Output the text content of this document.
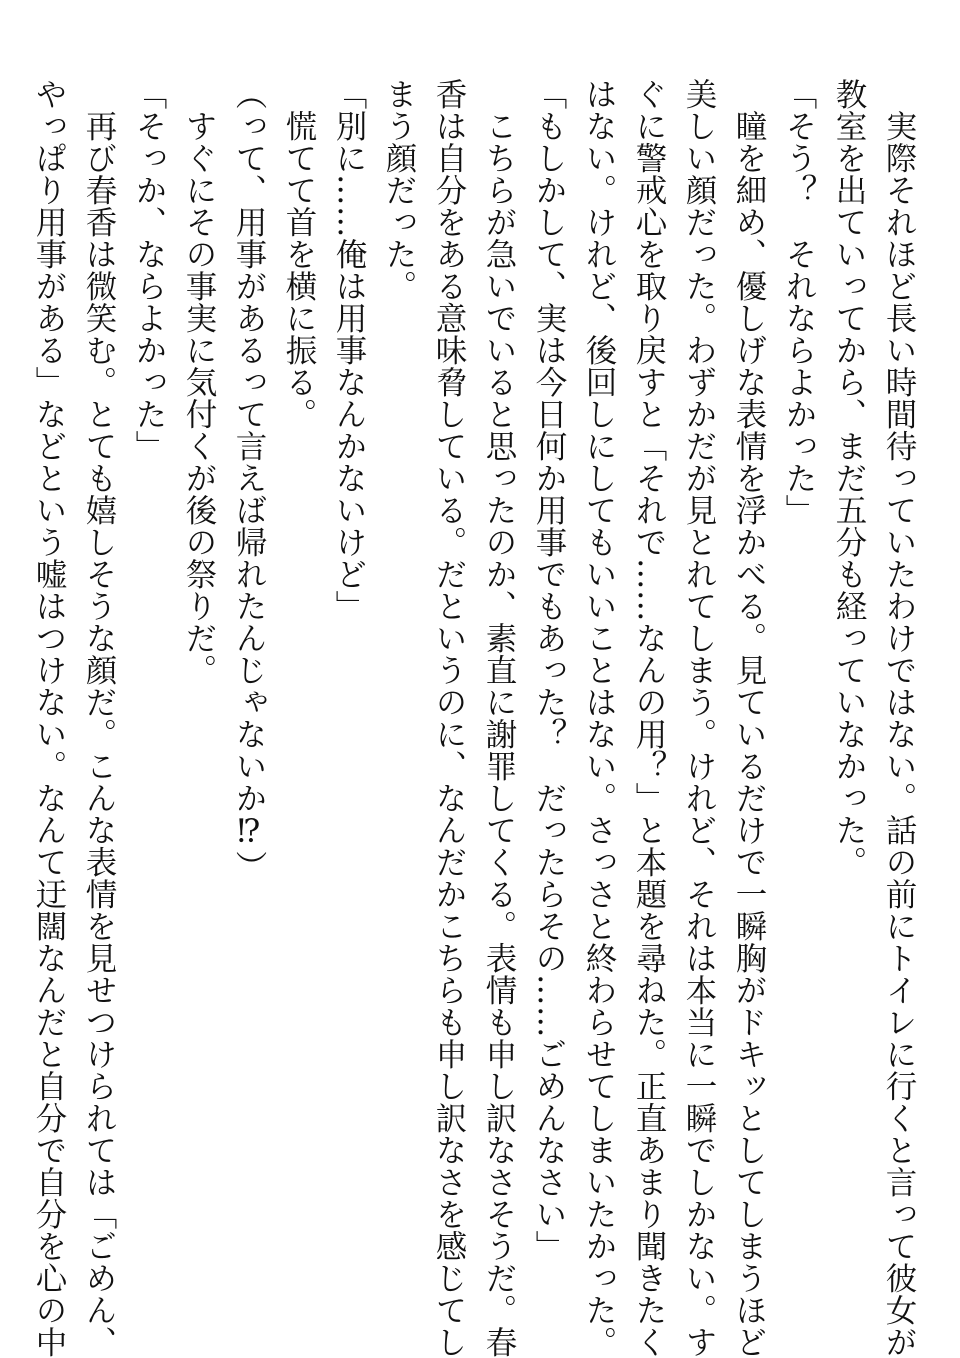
　実際それほど長い時間待っていたわけではない。話の前にトイレに行くと言って彼女が
教室を出ていってから、まだ五分も経っていなかった。
「そう？　それならよかった」
　瞳を細め、優しげな表情を浮かべる。見ているだけで一瞬胸がドキッとしてしまうほど
美しい顔だった。わずかだが見とれてしまう。けれど、それは本当に一瞬でしかない。す
ぐに警戒心を取り戻すと「それで……なんの用？」と本題を尋ねた。正直あまり聞きたく
はない。けれど、後回しにしてもいいことはない。さっさと終わらせてしまいたかった。
「もしかして、実は今日何か用事でもあった？　だったらその……ごめんなさい」
　こちらが急いでいると思ったのか、素直に謝罪してくる。表情も申し訳なさそうだ。春
香は自分をある意味脅している。だというのに、なんだかこちらも申し訳なさを感じてし
まう顔だった。
「別に……俺は用事なんかないけど」
　慌てて首を横に振る。
（って、用事があるって言えば帰れたんじゃないか⁉）
　すぐにその事実に気付くが後の祭りだ。
「そっか、ならよかった」
　再び春香は微笑む。とても嬉しそうな顔だ。こんな表情を見せつけられては「ごめん、
やっぱり用事がある」などという嘘はつけない。なんて迂闊なんだと自分で自分を心の中
